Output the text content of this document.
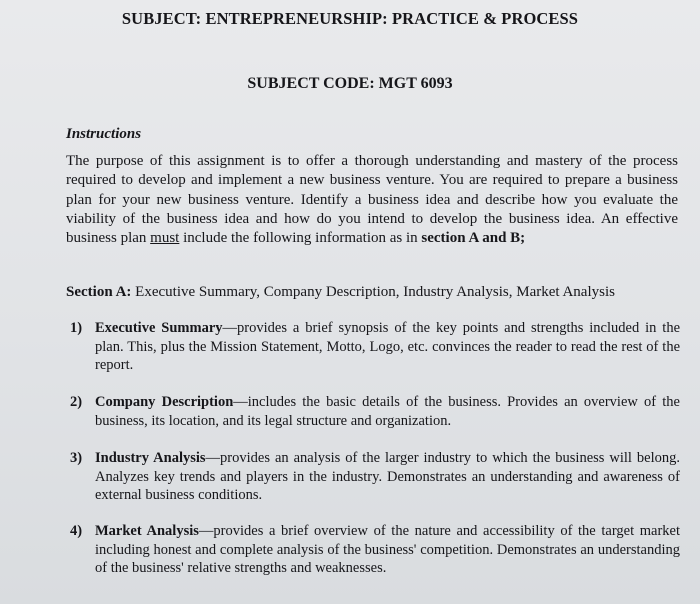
SUBJECT: ENTREPRENEURSHIP: PRACTICE & PROCESS
SUBJECT CODE: MGT 6093
Instructions
The purpose of this assignment is to offer a thorough understanding and mastery of the process required to develop and implement a new business venture. You are required to prepare a business plan for your new business venture. Identify a business idea and describe how you evaluate the viability of the business idea and how do you intend to develop the business idea. An effective business plan must include the following information as in section A and B;
Section A: Executive Summary, Company Description, Industry Analysis, Market Analysis
1) Executive Summary—provides a brief synopsis of the key points and strengths included in the plan. This, plus the Mission Statement, Motto, Logo, etc. convinces the reader to read the rest of the report.
2) Company Description—includes the basic details of the business. Provides an overview of the business, its location, and its legal structure and organization.
3) Industry Analysis—provides an analysis of the larger industry to which the business will belong. Analyzes key trends and players in the industry. Demonstrates an understanding and awareness of external business conditions.
4) Market Analysis—provides a brief overview of the nature and accessibility of the target market including honest and complete analysis of the business' competition. Demonstrates an understanding of the business' relative strengths and weaknesses.
